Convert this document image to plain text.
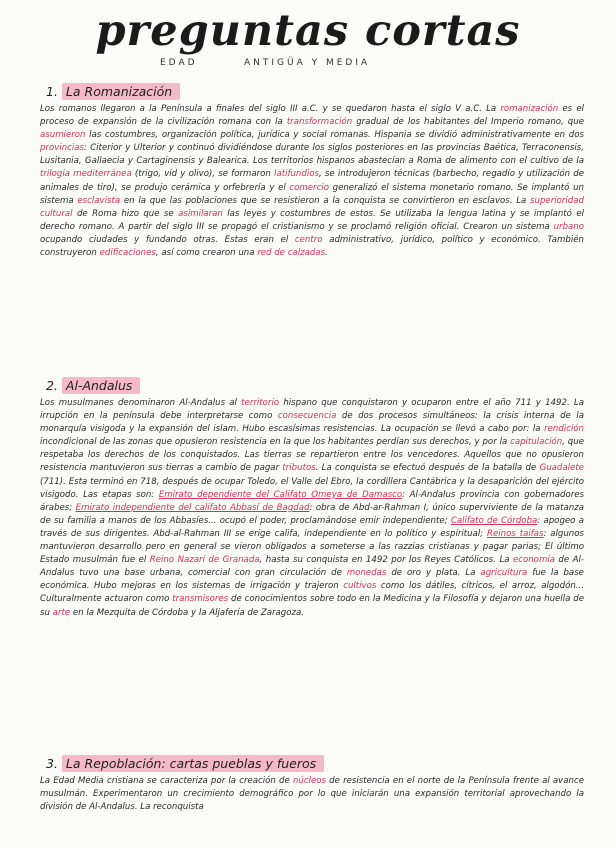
preguntas cortas
EDAD	ANTIGÜA Y MEDIA
1. La Romanización

Los romanos llegaron a la Península a finales del siglo III a.C. y se quedaron hasta el siglo V a.C. La romanización es el proceso de expansión de la civilización romana con la transformación gradual de los habitantes del Imperio romano, que asumieron las costumbres, organización política, jurídica y social romanas. Hispania se dividió administrativamente en dos provincias: Citerior y Ulterior y continuó dividiéndose durante los siglos posteriores en las provincias Baética, Terraconensis, Lusitania, Gallaecia y Cartaginensis y Balearica. Los territorios hispanos abastecían a Roma de alimento con el cultivo de la trilogía mediterránea (trigo, vid y olivo), se formaron latifundios, se introdujeron técnicas (barbecho, regadío y utilización de animales de tiro), se produjo cerámica y orfebrería y el comercio generalizó el sistema monetario romano. Se implantó un sistema esclavista en la que las poblaciones que se resistieron a la conquista se convirtieron en esclavos. La superioridad cultural de Roma hizo que se asimilaran las leyes y costumbres de estos. Se utilizaba la lengua latina y se implantó el derecho romano. A partir del siglo III se propagó el cristianismo y se proclamó religión oficial. Crearon un sistema urbano ocupando ciudades y fundando otras. Estas eran el centro administrativo, jurídico, político y económico. También construyeron edificaciones, así como crearon una red de calzadas.

2. Al-Andalus

Los musulmanes denominaron Al-Andalus al territorio hispano que conquistaron y ocuparon entre el año 711 y 1492. La irrupción en la península debe interpretarse como consecuencia de dos procesos simultáneos: la crisis interna de la monarquía visigoda y la expansión del islam. Hubo escasísimas resistencias. La ocupación se llevó a cabo por: la rendición incondicional de las zonas que opusieron resistencia en la que los habitantes perdían sus derechos, y por la capitulación, que respetaba los derechos de los conquistados. Las tierras se repartieron entre los vencedores. Aquellos que no opusieron resistencia mantuvieron sus tierras a cambio de pagar tributos. La conquista se efectuó después de la batalla de Guadalete (711). Esta terminó en 718, después de ocupar Toledo, el Valle del Ebro, la cordillera Cantábrica y la desaparición del ejército visigodo. Las etapas son: Emirato dependiente del Califato Omeya de Damasco: Al-Andalus provincia con gobernadores árabes; Emirato independiente del califato Abbasí de Bagdad: obra de Abd-ar-Rahman I, único superviviente de la matanza de su familia a manos de los Abbasíes... ocupó el poder, proclamándose emir independiente; Califato de Córdoba: apogeo a través de sus dirigentes. Abd-al-Rahman III se erige califa, independiente en lo político y espiritual; Reinos taifas: algunos mantuvieron desarrollo pero en general se vieron obligados a someterse a las razzias cristianas y pagar parias; El último Estado musulmán fue el Reino Nazarí de Granada, hasta su conquista en 1492 por los Reyes Católicos. La economía de Al-Andalus tuvo una base urbana, comercial con gran circulación de monedas de oro y plata. La agricultura fue la base económica. Hubo mejoras en los sistemas de irrigación y trajeron cultivos como los dátiles, cítricos, el arroz, algodón... Culturalmente actuaron como transmisores de conocimientos sobre todo en la Medicina y la Filosofía y dejaron una huella de su arte en la Mezquita de Córdoba y la Aljafería de Zaragoza.

3. La Repoblación: cartas pueblas y fueros

La Edad Media cristiana se caracteriza por la creación de núcleos de resistencia en el norte de la Península frente al avance musulmán. Experimentaron un crecimiento demográfico por lo que iniciarán una expansión territorial aprovechando la división de Al-Andalus. La reconquista
